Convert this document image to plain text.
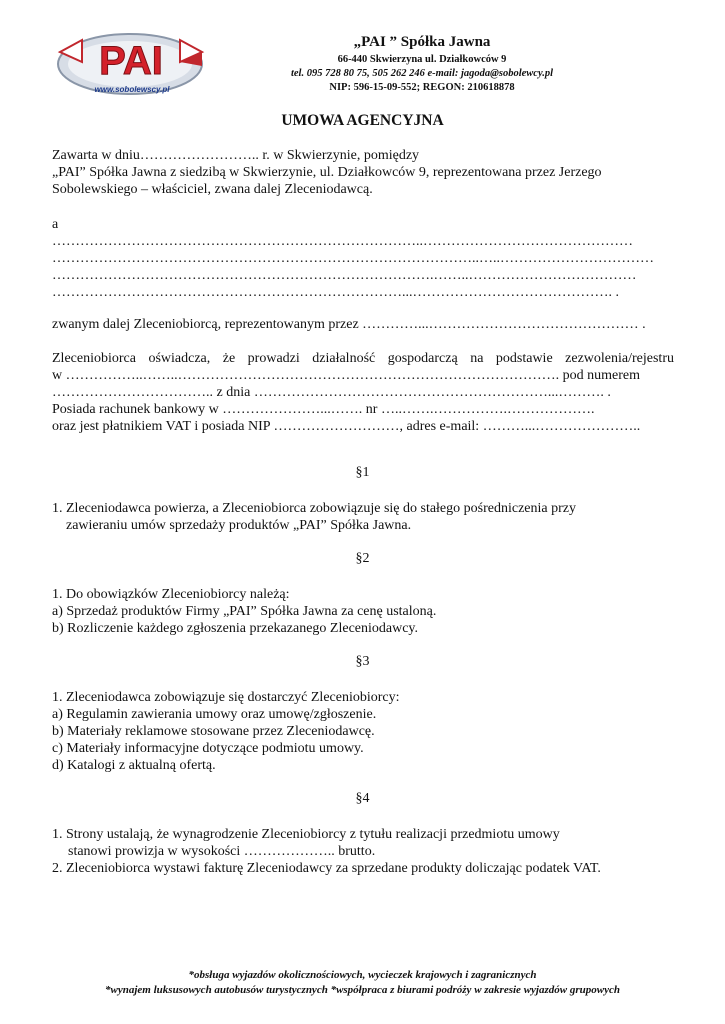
PAI
www.sobolewscy.pl
„PAI ” Spółka Jawna
66-440 Skwierzyna ul. Działkowców 9
tel. 095 728 80 75, 505 262 246 e-mail: jagoda@sobolewcy.pl
NIP: 596-15-09-552; REGON: 210618878
UMOWA AGENCYJNA
Zawarta w dniu…………………….. r. w Skwierzynie, pomiędzy
„PAI” Spółka Jawna z siedzibą w Skwierzynie, ul. Działkowców 9, reprezentowana przez Jerzego
Sobolewskiego – właściciel, zwana dalej Zleceniodawcą.
a
……………………………………………………………………..………………………………………
………………………………………………………………………………..…..……………………………
……………………………………………………………………….……..………………………………
…………………………………………………………………...……………………………………. .
zwanym dalej Zleceniobiorcą, reprezentowanym przez …………...……………………………………… .
Zleceniobiorca oświadcza, że prowadzi działalność gospodarczą na podstawie zezwolenia/rejestru
w ……………..……..………………………………………………………………………. pod numerem
…………………………….. z dnia ………………………………………………………...………. .
Posiada rachunek bankowy w …………………...……. nr …..…….…………….……………….
oraz jest płatnikiem VAT i posiada NIP ………………………, adres e-mail: ………...…………………..
§1
1. Zleceniodawca powierza, a Zleceniobiorca zobowiązuje się do stałego pośredniczenia przy
zawieraniu umów sprzedaży produktów „PAI” Spółka Jawna.
§2
1. Do obowiązków Zleceniobiorcy należą:
a) Sprzedaż produktów Firmy „PAI” Spółka Jawna za cenę ustaloną.
b) Rozliczenie każdego zgłoszenia przekazanego Zleceniodawcy.
§3
1. Zleceniodawca zobowiązuje się dostarczyć Zleceniobiorcy:
a) Regulamin zawierania umowy oraz umowę/zgłoszenie.
b) Materiały reklamowe stosowane przez Zleceniodawcę.
c) Materiały informacyjne dotyczące podmiotu umowy.
d) Katalogi z aktualną ofertą.
§4
1. Strony ustalają, że wynagrodzenie Zleceniobiorcy z tytułu realizacji przedmiotu umowy
stanowi prowizja w wysokości ……………….. brutto.
2. Zleceniobiorca wystawi fakturę Zleceniodawcy za sprzedane produkty doliczając podatek VAT.
*obsługa wyjazdów okolicznościowych, wycieczek krajowych i zagranicznych
*wynajem luksusowych autobusów turystycznych *współpraca z biurami podróży w zakresie wyjazdów grupowych
